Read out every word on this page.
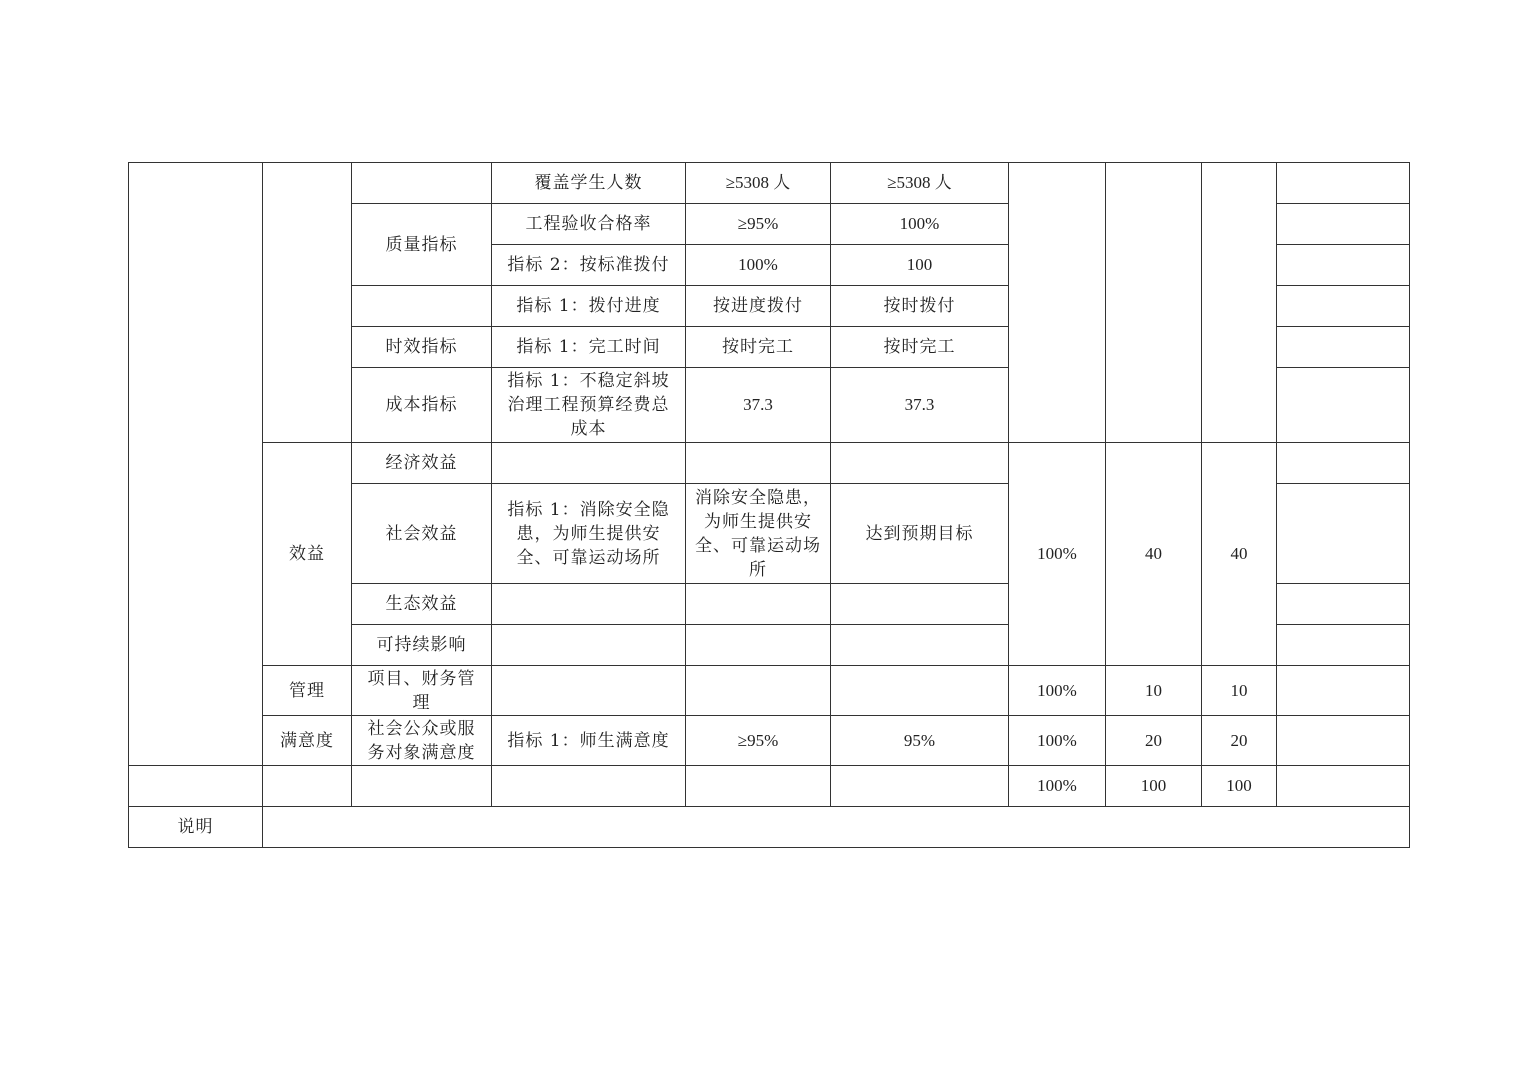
			覆盖学生人数	≥5308 人	≥5308 人				
		质量指标	工程验收合格率	≥95%	100%				
			指标 2：按标准拨付	100%	100				
			指标 1：拨付进度	按进度拨付	按时拨付				
		时效指标	指标 1：完工时间	按时完工	按时完工				
		成本指标	指标 1：不稳定斜坡治理工程预算经费总成本	37.3	37.3				
	效益	经济效益				100%	40	40	
		社会效益	指标 1：消除安全隐患，为师生提供安全、可靠运动场所	消除安全隐患，为师生提供安全、可靠运动场所	达到预期目标				
		生态效益							
		可持续影响							
	管理	项目、财务管理				100%	10	10	
	满意度	社会公众或服务对象满意度	指标 1：师生满意度	≥95%	95%	100%	20	20	
						100%	100	100	
说明									
